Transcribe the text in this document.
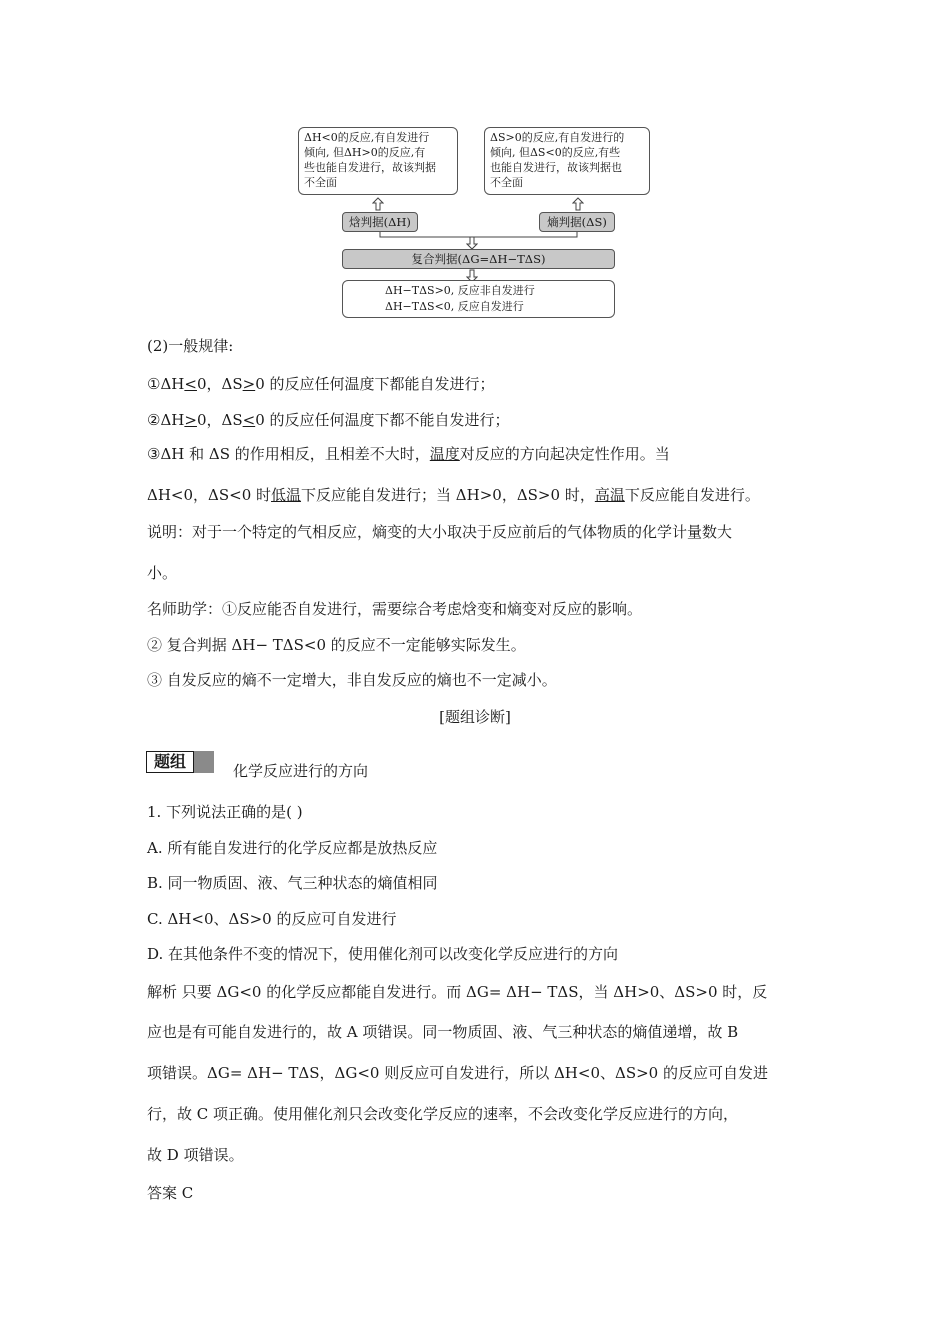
ΔH<0的反应,有自发进行
倾向, 但ΔH>0的反应,有
些也能自发进行，故该判据
不全面
ΔS>0的反应,有自发进行的
倾向, 但ΔS<0的反应,有些
也能自发进行，故该判据也
不全面
焓判据(ΔH)	熵判据(ΔS)
复合判据(ΔG=ΔH−TΔS)
ΔH−TΔS>0, 反应非自发进行
ΔH−TΔS<0, 反应自发进行
(2)一般规律:
①ΔH<0，ΔS>0 的反应任何温度下都能自发进行；
②ΔH>0，ΔS<0 的反应任何温度下都不能自发进行；
③ΔH 和 ΔS 的作用相反，且相差不大时，温度对反应的方向起决定性作用。当
ΔH<0，ΔS<0 时低温下反应能自发进行；当 ΔH>0，ΔS>0 时，高温下反应能自发进行。
说明：对于一个特定的气相反应，熵变的大小取决于反应前后的气体物质的化学计量数大
小。
名师助学：①反应能否自发进行，需要综合考虑焓变和熵变对反应的影响。
② 复合判据 ΔH− TΔS<0 的反应不一定能够实际发生。
③ 自发反应的熵不一定增大，非自发反应的熵也不一定减小。
[题组诊断]
题组	化学反应进行的方向
1. 下列说法正确的是( )
A. 所有能自发进行的化学反应都是放热反应
B. 同一物质固、液、气三种状态的熵值相同
C. ΔH<0、ΔS>0 的反应可自发进行
D. 在其他条件不变的情况下，使用催化剂可以改变化学反应进行的方向
解析 只要 ΔG<0 的化学反应都能自发进行。而 ΔG= ΔH− TΔS，当 ΔH>0、ΔS>0 时，反
应也是有可能自发进行的，故 A 项错误。同一物质固、液、气三种状态的熵值递增，故 B
项错误。ΔG= ΔH− TΔS，ΔG<0 则反应可自发进行，所以 ΔH<0、ΔS>0 的反应可自发进
行，故 C 项正确。使用催化剂只会改变化学反应的速率，不会改变化学反应进行的方向，
故 D 项错误。
答案 C
